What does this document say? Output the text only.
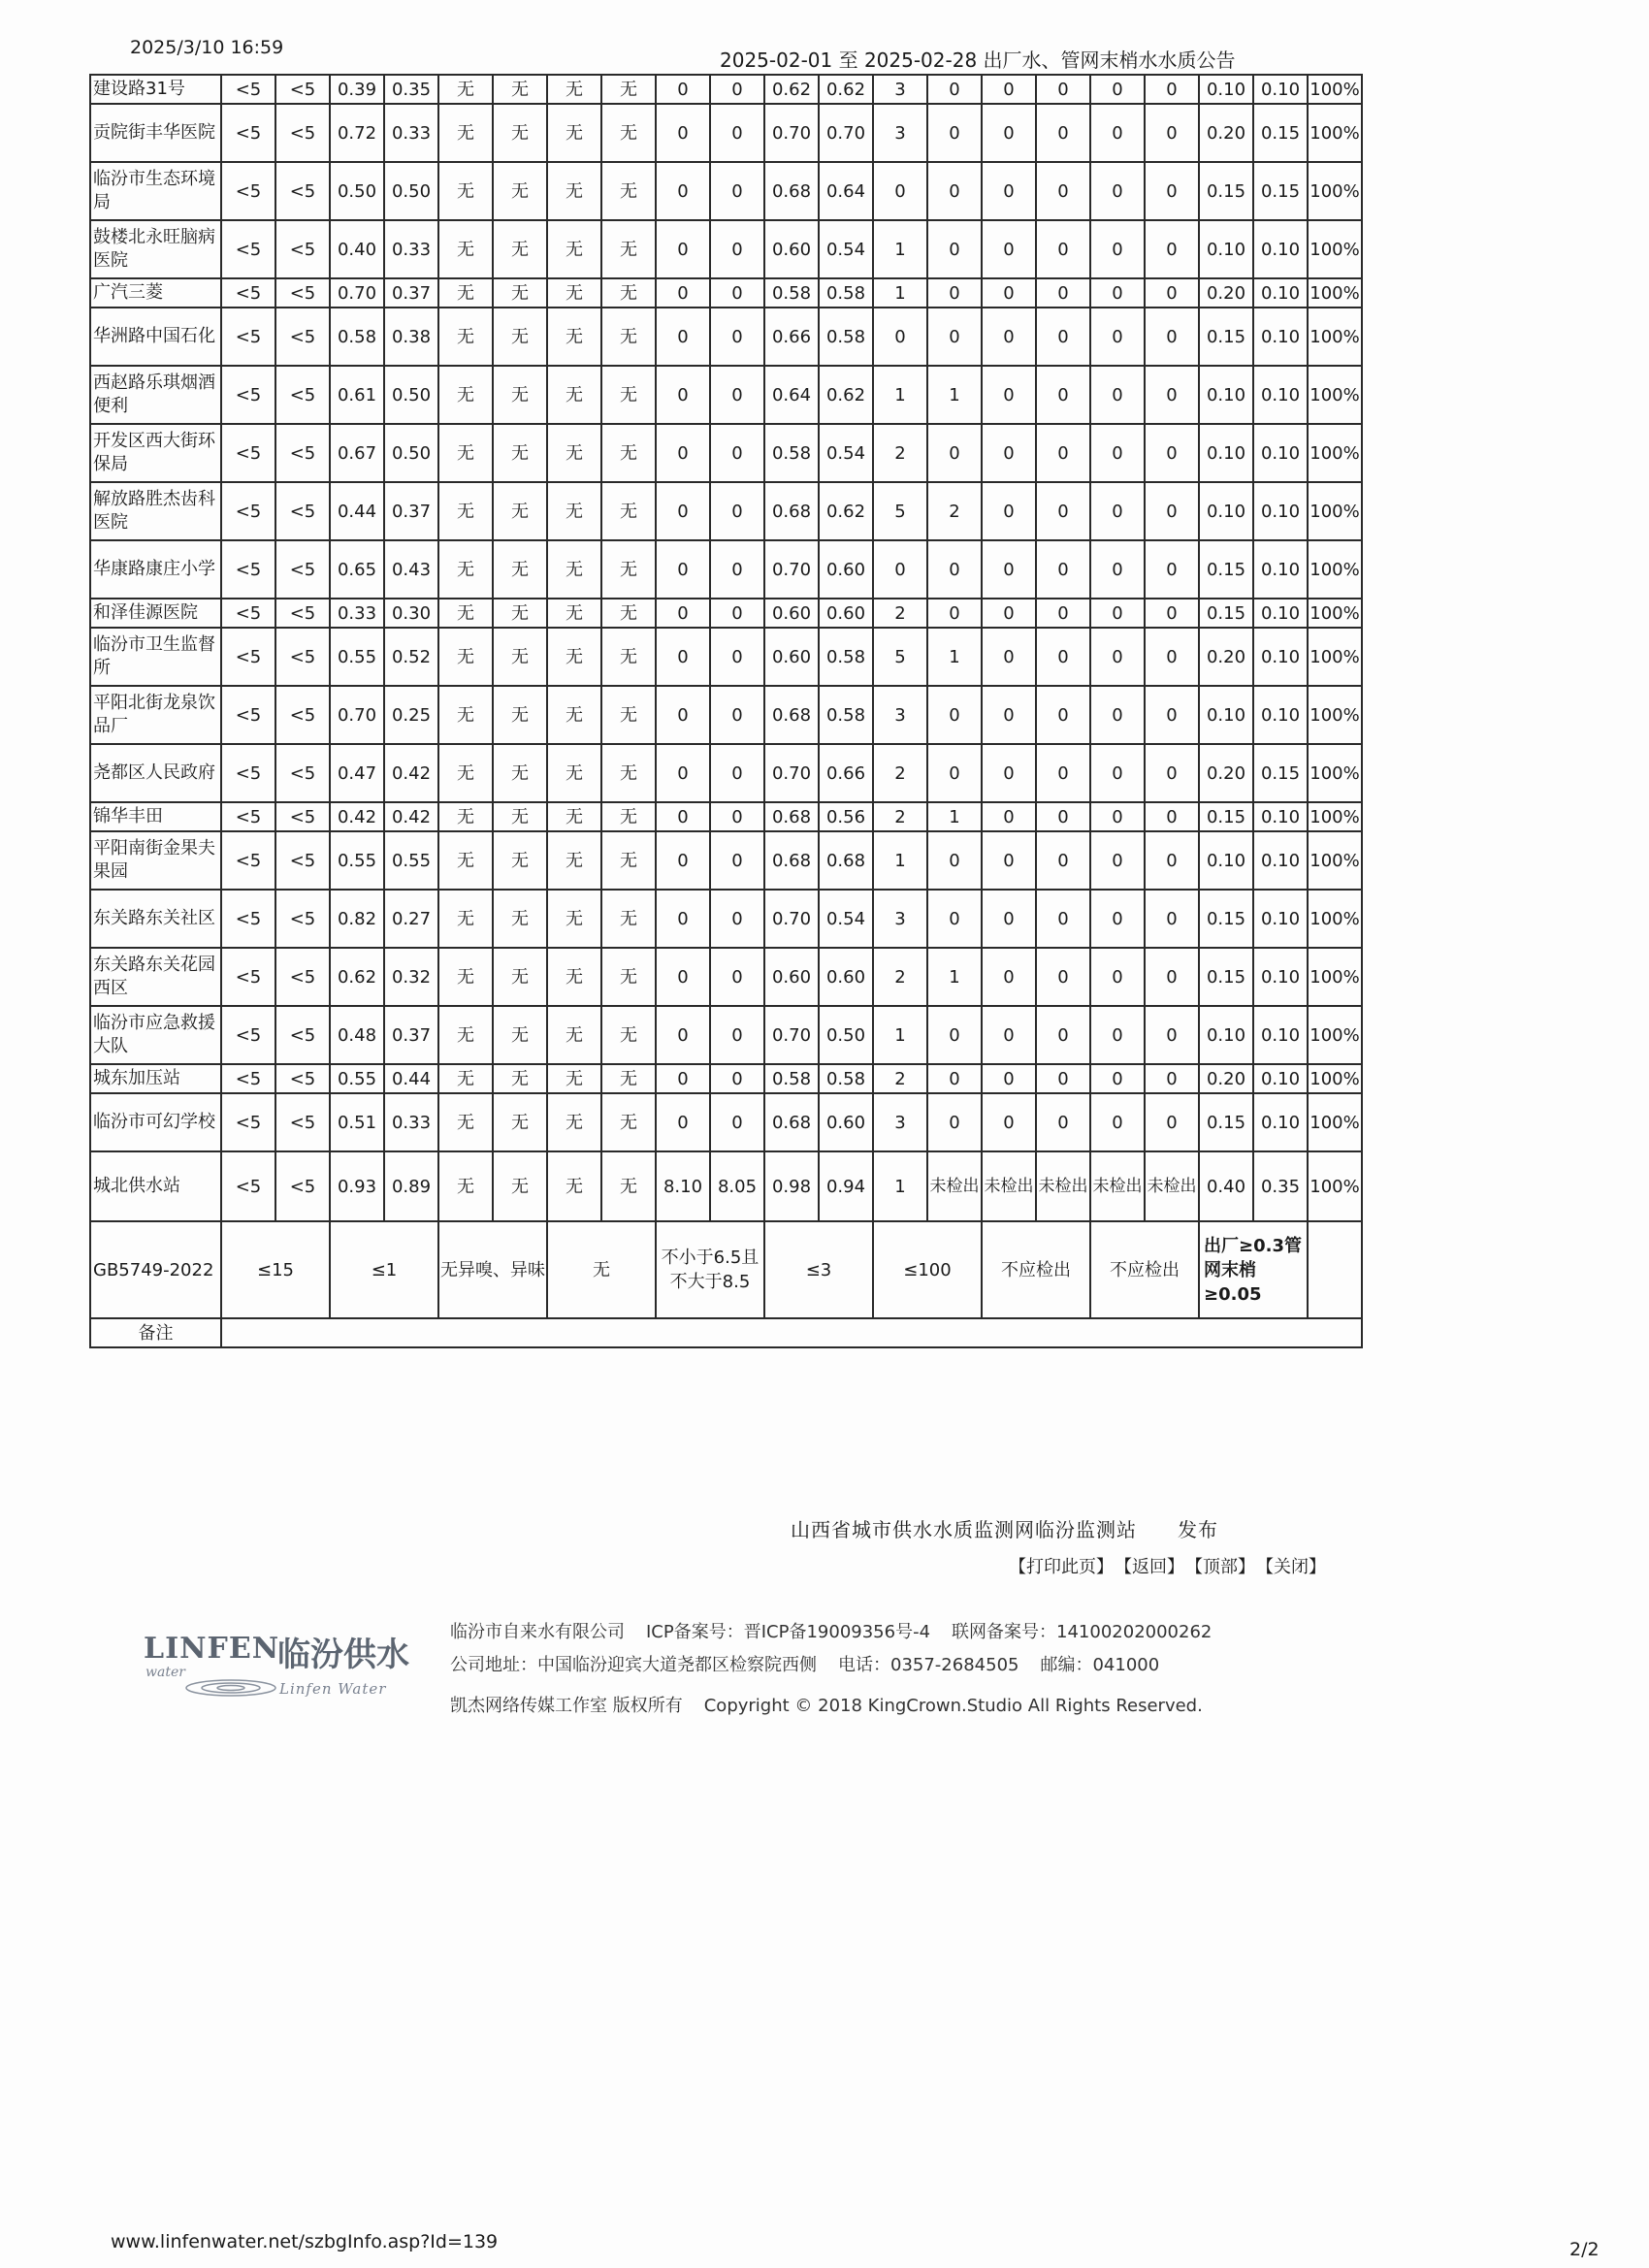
2025/3/10 16:59
2025-02-01 至 2025-02-28 出厂水、管网末梢水水质公告
建设路31号	<5	<5	0.39	0.35	无	无	无	无	0	0	0.62	0.62	3	0	0	0	0	0	0.10	0.10	100%
贡院街丰华医院	<5	<5	0.72	0.33	无	无	无	无	0	0	0.70	0.70	3	0	0	0	0	0	0.20	0.15	100%
临汾市生态环境局	<5	<5	0.50	0.50	无	无	无	无	0	0	0.68	0.64	0	0	0	0	0	0	0.15	0.15	100%
鼓楼北永旺脑病医院	<5	<5	0.40	0.33	无	无	无	无	0	0	0.60	0.54	1	0	0	0	0	0	0.10	0.10	100%
广汽三菱	<5	<5	0.70	0.37	无	无	无	无	0	0	0.58	0.58	1	0	0	0	0	0	0.20	0.10	100%
华洲路中国石化	<5	<5	0.58	0.38	无	无	无	无	0	0	0.66	0.58	0	0	0	0	0	0	0.15	0.10	100%
西赵路乐琪烟酒便利	<5	<5	0.61	0.50	无	无	无	无	0	0	0.64	0.62	1	1	0	0	0	0	0.10	0.10	100%
开发区西大街环保局	<5	<5	0.67	0.50	无	无	无	无	0	0	0.58	0.54	2	0	0	0	0	0	0.10	0.10	100%
解放路胜杰齿科医院	<5	<5	0.44	0.37	无	无	无	无	0	0	0.68	0.62	5	2	0	0	0	0	0.10	0.10	100%
华康路康庄小学	<5	<5	0.65	0.43	无	无	无	无	0	0	0.70	0.60	0	0	0	0	0	0	0.15	0.10	100%
和泽佳源医院	<5	<5	0.33	0.30	无	无	无	无	0	0	0.60	0.60	2	0	0	0	0	0	0.15	0.10	100%
临汾市卫生监督所	<5	<5	0.55	0.52	无	无	无	无	0	0	0.60	0.58	5	1	0	0	0	0	0.20	0.10	100%
平阳北街龙泉饮品厂	<5	<5	0.70	0.25	无	无	无	无	0	0	0.68	0.58	3	0	0	0	0	0	0.10	0.10	100%
尧都区人民政府	<5	<5	0.47	0.42	无	无	无	无	0	0	0.70	0.66	2	0	0	0	0	0	0.20	0.15	100%
锦华丰田	<5	<5	0.42	0.42	无	无	无	无	0	0	0.68	0.56	2	1	0	0	0	0	0.15	0.10	100%
平阳南街金果夫果园	<5	<5	0.55	0.55	无	无	无	无	0	0	0.68	0.68	1	0	0	0	0	0	0.10	0.10	100%
东关路东关社区	<5	<5	0.82	0.27	无	无	无	无	0	0	0.70	0.54	3	0	0	0	0	0	0.15	0.10	100%
东关路东关花园西区	<5	<5	0.62	0.32	无	无	无	无	0	0	0.60	0.60	2	1	0	0	0	0	0.15	0.10	100%
临汾市应急救援大队	<5	<5	0.48	0.37	无	无	无	无	0	0	0.70	0.50	1	0	0	0	0	0	0.10	0.10	100%
城东加压站	<5	<5	0.55	0.44	无	无	无	无	0	0	0.58	0.58	2	0	0	0	0	0	0.20	0.10	100%
临汾市可幻学校	<5	<5	0.51	0.33	无	无	无	无	0	0	0.68	0.60	3	0	0	0	0	0	0.15	0.10	100%
城北供水站	<5	<5	0.93	0.89	无	无	无	无	8.10	8.05	0.98	0.94	1	未检出	未检出	未检出	未检出	未检出	0.40	0.35	100%
GB5749-2022	≤15		≤1		无异嗅、异味		无		不小于6.5且不大于8.5		≤3		≤100		不应检出		不应检出		出厂≥0.3管网末梢≥0.05		
备注																					
山西省城市供水水质监测网临汾监测站　　发布
【打印此页】 【返回】 【顶部】 【关闭】
LINFEN
临汾供水
water
Linfen Water
临汾市自来水有限公司 ICP备案号：晋ICP备19009356号-4 联网备案号：14100202000262
公司地址：中国临汾迎宾大道尧都区检察院西侧 电话：0357-2684505 邮编：041000
凯杰网络传媒工作室 版权所有 Copyright © 2018 KingCrown.Studio All Rights Reserved.
www.linfenwater.net/szbgInfo.asp?Id=139	2/2
